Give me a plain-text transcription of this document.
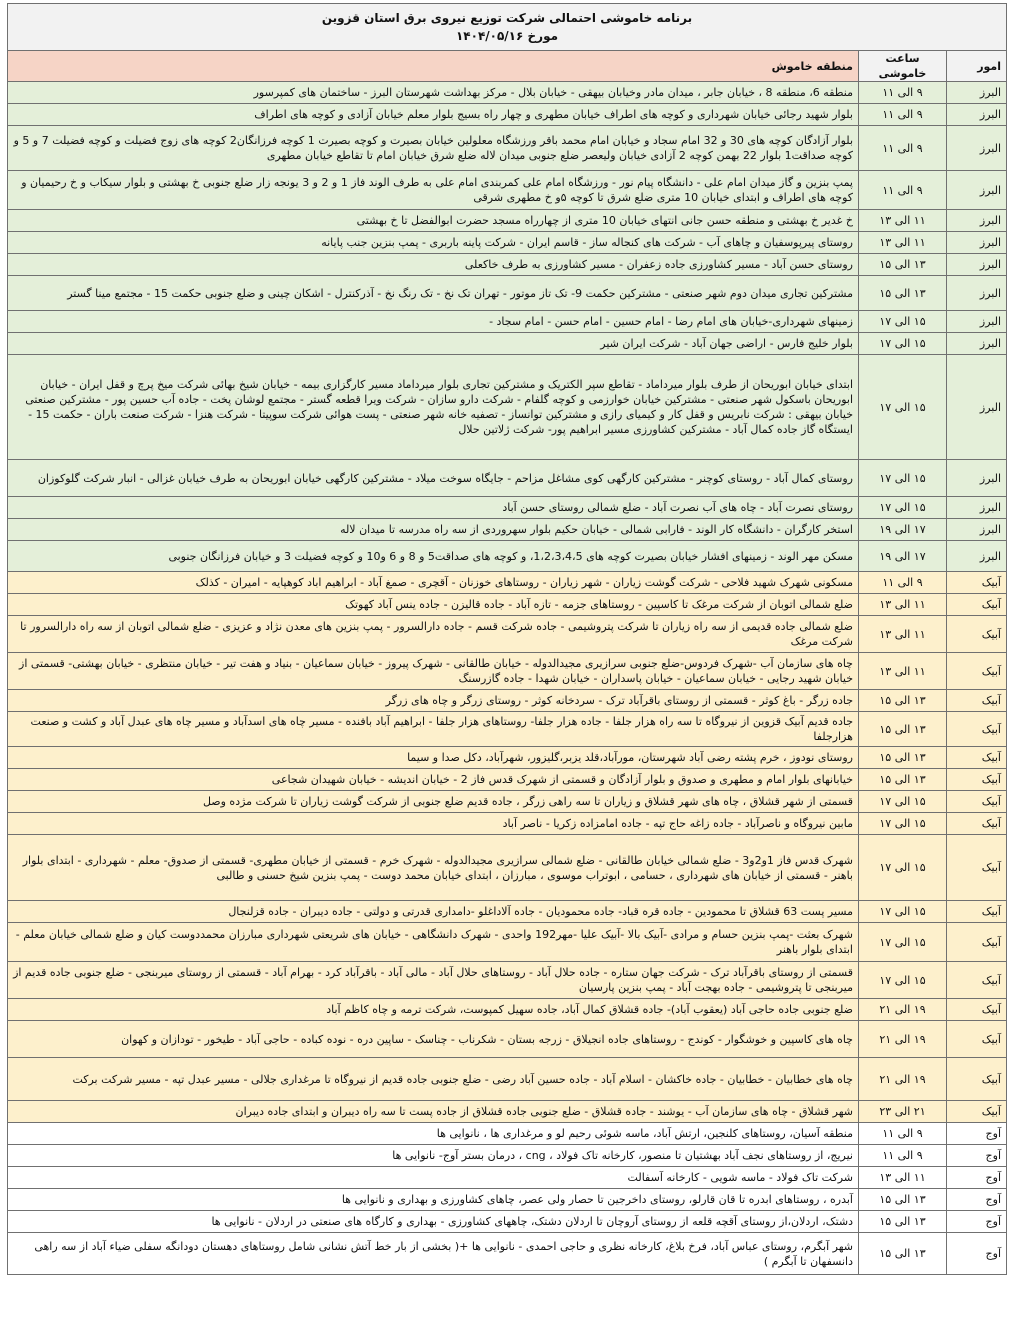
برنامه خاموشی احتمالی شرکت توزیع نیروی برق استان قزوین
مورخ ۱۴۰۴/۰۵/۱۶		

امور	ساعت خاموشی	منطقه خاموش
البرز	۹ الی ۱۱	منطقه 6، منطقه 8 ، خیابان جابر ، میدان مادر وخیابان بیهقی - خیابان بلال - مرکز بهداشت شهرستان البرز - ساختمان های کمپرسور
البرز	۹ الی ۱۱	بلوار شهید رجائی خیابان شهرداری و کوچه های اطراف خیابان مطهری و چهار راه بسیج بلوار معلم خیابان آزادی و کوچه های اطراف
البرز	۹ الی ۱۱	بلوار آزادگان کوچه های 30 و 32 امام سجاد و خیابان امام محمد باقر ورزشگاه معلولین خیابان بصیرت و کوچه بصیرت 1 کوچه فرزانگان2 کوچه های زوج فضیلت و کوچه فضیلت 7 و 5 و کوچه صداقت1 بلوار 22 بهمن کوچه 2 آزادی خیابان ولیعصر ضلع جنوبی میدان لاله ضلع شرق خیابان امام تا تقاطع خیابان مطهری
البرز	۹ الی ۱۱	پمپ بنزین و گاز میدان امام علی - دانشگاه پیام نور - ورزشگاه امام علی کمربندی امام علی به طرف الوند فاز 1 و 2 و 3 یونجه زار ضلع جنوبی خ بهشتی و بلوار سیکاب و خ رحیمیان و کوچه های اطراف و ابتدای خیابان 10 متری ضلع شرق تا کوچه ۵و خ مطهری شرقی
البرز	۱۱ الی ۱۳	خ غدیر خ بهشتی و منطقه حسن جانی انتهای خیابان 10 متری از چهارراه مسجد حضرت ابوالفضل تا خ بهشتی
البرز	۱۱ الی ۱۳	روستای پیرپوسفیان و چاهای آب - شرکت های کنجاله ساز - قاسم ایران - شرکت پاینه باربری - پمپ بنزین جنب پایانه
البرز	۱۳ الی ۱۵	روستای حسن آباد - مسیر کشاورزی جاده زعفران - مسیر کشاورزی به طرف خاکعلی
البرز	۱۳ الی ۱۵	مشترکین تجاری میدان دوم شهر صنعتی - مشترکین حکمت 9- تک تاز موتور - تهران تک نخ - تک رنگ نخ - آذرکنترل - اشکان چینی و ضلع جنوبی حکمت 15 - مجتمع مینا گستر
البرز	۱۵ الی ۱۷	زمینهای شهرداری-خیابان های امام رضا - امام حسین - امام حسن - امام سجاد -
البرز	۱۵ الی ۱۷	بلوار خلیج فارس - اراضی جهان آباد - شرکت ایران شیر
البرز	۱۵ الی ۱۷	ابتدای خیابان ابوریحان از طرف بلوار میرداماد - تقاطع سپر الکتریک و مشترکین تجاری بلوار میرداماد مسیر کارگزاری بیمه - خیابان شیخ بهائی شرکت میخ پرچ و قفل ایران - خیابان ابوریحان باسکول شهر صنعتی - مشترکین خیابان خوارزمی و کوچه گلفام - شرکت دارو سازان - شرکت ویرا قطعه گستر - مجتمع لوشان پخت - جاده آب حسین پور - مشترکین صنعتی خیابان بیهقی : شرکت نابریس و قفل کار و کیمیای رازی و مشترکین توانساز - تصفیه خانه شهر صنعتی - پست هوائی شرکت سوپیتا - شرکت هنزا - شرکت صنعت باران - حکمت 15 - ایستگاه گاز جاده کمال آباد - مشترکین کشاورزی مسیر ابراهیم پور- شرکت ژلاتین حلال
البرز	۱۵ الی ۱۷	روستای کمال آباد - روستای کوچنر - مشترکین کارگهی کوی مشاغل مزاحم - جایگاه سوخت میلاد - مشترکین کارگهی خیابان ابوریحان به طرف خیابان غزالی - انبار شرکت گلوکوزان
البرز	۱۵ الی ۱۷	روستای نصرت آباد - چاه های آب نصرت آباد - ضلع شمالی روستای حسن آباد
البرز	۱۷ الی ۱۹	استخر کارگران - دانشگاه کار الوند - فارابی شمالی - خیابان حکیم بلوار سهروردی از سه راه مدرسه تا میدان لاله
البرز	۱۷ الی ۱۹	مسکن مهر الوند - زمینهای افشار خیابان بصیرت کوچه های 1،2،3،4،5، و کوچه های صداقت5 و 8 و 6 و10 و کوچه فضیلت 3 و خیابان فرزانگان جنوبی
آبیک	۹ الی ۱۱	مسکونی شهرک شهید فلاحی - شرکت گوشت زیاران - شهر زیاران - روستاهای خوزنان - آقچری - صمغ آباد - ابراهیم اباد کوهپایه - امیران - کذلک
آبیک	۱۱ الی ۱۳	ضلع شمالی اتوبان از شرکت مرغک تا کاسپین - روستاهای جزمه - تازه آباد - جاده قالیزن - جاده ینس آباد کهوتک
آبیک	۱۱ الی ۱۳	ضلع شمالی جاده قدیمی از سه راه زیاران تا شرکت پتروشیمی - جاده شرکت قسم - جاده دارالسرور - پمپ بنزین های معدن نژاد و عزیزی - ضلع شمالی اتوبان از سه راه دارالسرور تا شرکت مرغک
آبیک	۱۱ الی ۱۳	چاه های سازمان آب -شهرک فردوس-ضلع جنوبی سرازیری مجیدالدوله - خیابان طالقانی - شهرک پیروز - خیابان سماعیان - بنیاد و هفت تیر - خیابان منتظری - خیابان بهشتی- قسمتی از خیابان شهید رجایی - خیابان سماعیان - خیابان پاسداران - خیابان شهدا - جاده گازرسنگ
آبیک	۱۳ الی ۱۵	جاده زرگر - باغ کوثر - قسمتی از روستای باقرآباد ترک - سردخانه کوثر - روستای زرگر و چاه های زرگر
آبیک	۱۳ الی ۱۵	جاده قدیم آبیک قزوین از نیروگاه تا سه راه هزار جلفا - جاده هزار جلفا- روستاهای هزار جلفا - ابراهیم آباد بافنده - مسیر چاه های اسدآباد و مسیر چاه های عبدل آباد و کشت و صنعت هزارجلفا
آبیک	۱۳ الی ۱۵	روستای نودوز ، خرم پشته رضی آباد شهرستان، مورآباد،قلد یزبر،گلیزور، شهرآباد، دکل صدا و سیما
آبیک	۱۳ الی ۱۵	خیابانهای بلوار امام و مطهری و صدوق و بلوار آزادگان و قسمتی از شهرک قدس فاز 2 - خیابان اندیشه - خیابان شهیدان شجاعی
آبیک	۱۵ الی ۱۷	قسمتی از شهر قشلاق ، چاه های شهر قشلاق و زیاران تا سه راهی زرگر ، جاده قدیم ضلع جنوبی از شرکت گوشت زیاران تا شرکت مژده وصل
آبیک	۱۵ الی ۱۷	مابین نیروگاه و ناصرآباد - جاده زاغه حاج تپه - جاده امامزاده زکریا - ناصر آباد
آبیک	۱۵ الی ۱۷	شهرک قدس فاز 1و2و3 - ضلع شمالی خیابان طالقانی - ضلع شمالی سرازیری مجیدالدوله - شهرک خرم - قسمتی از خیابان مطهری- قسمتی از صدوق- معلم - شهرداری - ابتدای بلوار باهنر - قسمتی از خیابان های شهرداری ، حسامی ، ابوتراب موسوی ، مبارزان ، ابتدای خیابان محمد دوست - پمپ بنزین شیخ حسنی و طالبی
آبیک	۱۵ الی ۱۷	مسیر پست 63 قشلاق تا محمودین - جاده قره قباد- جاده محمودیان - جاده آلاداغلو -دامداری قدرتی و دولتی - جاده دیبران - جاده قزلنجال
آبیک	۱۵ الی ۱۷	شهرک بعثت -پمپ بنزین حسام و مرادی -آبیک بالا -آبیک علیا -مهر192 واحدی - شهرک دانشگاهی - خیابان های شریعتی شهرداری مبارزان محمددوست کیان و ضلع شمالی خیابان معلم - ابتدای بلوار باهنر
آبیک	۱۵ الی ۱۷	قسمتی از روستای باقرآباد ترک - شرکت جهان ستاره - جاده حلال آباد - روستاهای حلال آباد - مالی آباد - باقرآباد کرد - بهرام آباد - قسمتی از روستای میربنجی - ضلع جنوبی جاده قدیم از میربنجی تا پتروشیمی - جاده بهجت آباد - پمپ بنزین پارسیان
آبیک	۱۹ الی ۲۱	ضلع جنوبی جاده حاجی آباد (یعقوب آباد)- جاده قشلاق کمال آباد، جاده سهیل کمپوست، شرکت ترمه و چاه کاظم آباد
آبیک	۱۹ الی ۲۱	چاه های کاسپین و خوشگوار - کوندج - روستاهای جاده انجیلاق - زرجه بستان - شکرناب - چناسک - ساپین دره - نوده کباده - حاجی آباد - طیخور - تودازان و کهوان
آبیک	۱۹ الی ۲۱	چاه های خطابیان - خطابیان - جاده خاکشان - اسلام آباد - جاده حسین آباد رضی - ضلع جنوبی جاده قدیم از نیروگاه تا مرغداری جلالی - مسیر عبدل تپه - مسیر شرکت برکت
آبیک	۲۱ الی ۲۳	شهر قشلاق - چاه های سازمان آب - یوشند - جاده قشلاق - ضلع جنوبی جاده قشلاق از جاده پست تا سه راه دیبران و ابتدای جاده دیبران
آوج	۹ الی ۱۱	منطقه آسیان، روستاهای کلنجین، ارتش آباد، ماسه شوئی رحیم لو و مرغداری ها ، نانوایی ها
آوج	۹ الی ۱۱	نیریج، از روستاهای نجف آباد بهشتیان تا منصور، کارخانه تاک فولاد ، cng ، درمان بستر آوج- نانوایی ها
آوج	۱۱ الی ۱۳	شرکت تاک فولاد - ماسه شویی - کارخانه آسفالت
آوج	۱۳ الی ۱۵	آبدره ، روستاهای ابدره تا قان قارلو، روستای داخرجین تا حصار ولی عصر، چاهای کشاورزی و بهداری و نانوایی ها
آوج	۱۳ الی ۱۵	دشتک، اردلان،از روستای آقچه قلعه از روستای آروچان تا اردلان دشتک، چاههای کشاورزی - بهداری و کارگاه های صنعتی در اردلان - نانوایی ها
آوج	۱۳ الی ۱۵	شهر آبگرم، روستای عباس آباد، فرخ بلاغ، کارخانه نظری و حاجی احمدی - نانوایی ها +( بخشی از بار خط آتش نشانی شامل روستاهای دهستان دودانگه سفلی ضیاء آباد از سه راهی دانسفهان تا آبگرم )
